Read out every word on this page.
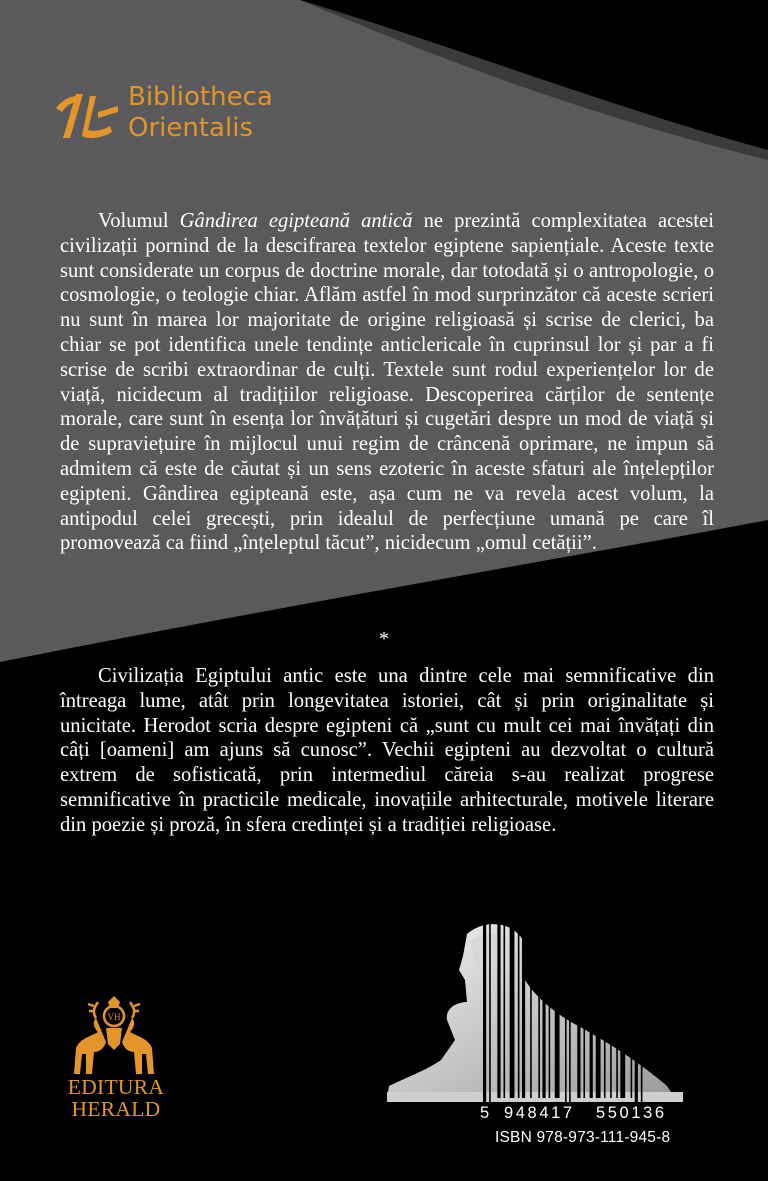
Bibliotheca
Orientalis

Volumul Gândirea egipteană antică ne prezintă complexitatea acestei civilizații pornind de la descifrarea textelor egiptene sapiențiale. Aceste texte sunt considerate un corpus de doctrine morale, dar totodată și o antropologie, o cosmologie, o teologie chiar. Aflăm astfel în mod surprinzător că aceste scrieri nu sunt în marea lor majoritate de origine religioasă și scrise de clerici, ba chiar se pot identifica unele tendințe anticlericale în cuprinsul lor și par a fi scrise de scribi extraordinar de culți. Textele sunt rodul experiențelor lor de viață, nicidecum al tradițiilor religioase. Descoperirea cărților de sentențe morale, care sunt în esența lor învățături și cugetări despre un mod de viață și de supraviețuire în mijlocul unui regim de crâncenă oprimare, ne impun să admitem că este de căutat și un sens ezoteric în aceste sfaturi ale înțelepților egipteni. Gândirea egipteană este, așa cum ne va revela acest volum, la antipodul celei grecești, prin idealul de perfecțiune umană pe care îl promovează ca fiind „înțeleptul tăcut”, nicidecum „omul cetății”.

*

Civilizația Egiptului antic este una dintre cele mai semnificative din întreaga lume, atât prin longevitatea istoriei, cât și prin originalitate și unicitate. Herodot scria despre egipteni că „sunt cu mult cei mai învățați din câți [oameni] am ajuns să cunosc”. Vechii egipteni au dezvoltat o cultură extrem de sofisticată, prin intermediul căreia s-au realizat progrese semnificative în practicile medicale, inovațiile arhitecturale, motivele literare din poezie și proză, în sfera credinței și a tradiției religioase.

VH
EDITURA
HERALD	5 948417 550136
ISBN 978-973-111-945-8
